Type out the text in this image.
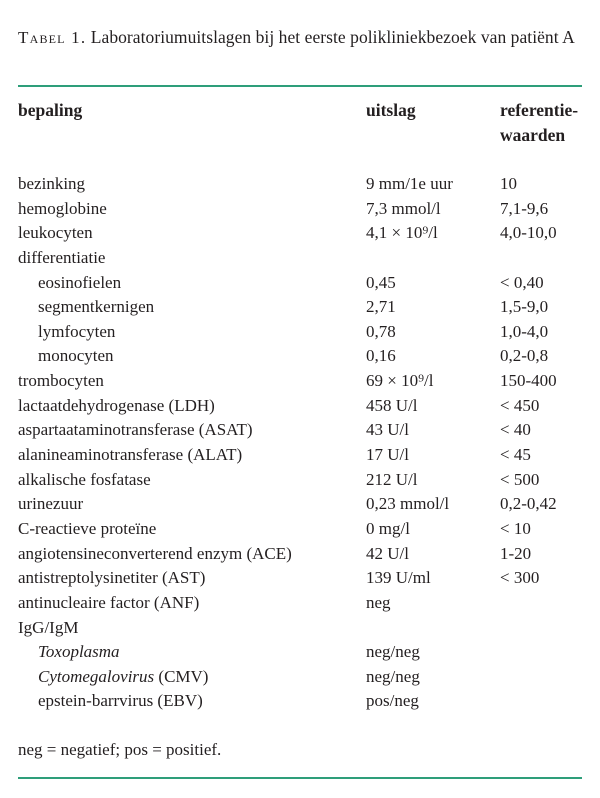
Tabel 1. Laboratoriumuitslagen bij het eerste polikliniekbezoek van patiënt A
bepaling	uitslag	referentie-
waarden
bezinking	9 mm/1e uur	10
hemoglobine	7,3 mmol/l	7,1-9,6
leukocyten	4,1 × 10⁹/l	4,0-10,0
differentiatie
eosinofielen	0,45	< 0,40
segmentkernigen	2,71	1,5-9,0
lymfocyten	0,78	1,0-4,0
monocyten	0,16	0,2-0,8
trombocyten	69 × 10⁹/l	150-400
lactaatdehydrogenase (LDH)	458 U/l	< 450
aspartaataminotransferase (ASAT)	43 U/l	< 40
alanineaminotransferase (ALAT)	17 U/l	< 45
alkalische fosfatase	212 U/l	< 500
urinezuur	0,23 mmol/l	0,2-0,42
C-reactieve proteïne	0 mg/l	< 10
angiotensineconverterend enzym (ACE)	42 U/l	1-20
antistreptolysinetiter (AST)	139 U/ml	< 300
antinucleaire factor (ANF)	neg
IgG/IgM
Toxoplasma	neg/neg
Cytomegalovirus (CMV)	neg/neg
epstein-barrvirus (EBV)	pos/neg
neg = negatief; pos = positief.
